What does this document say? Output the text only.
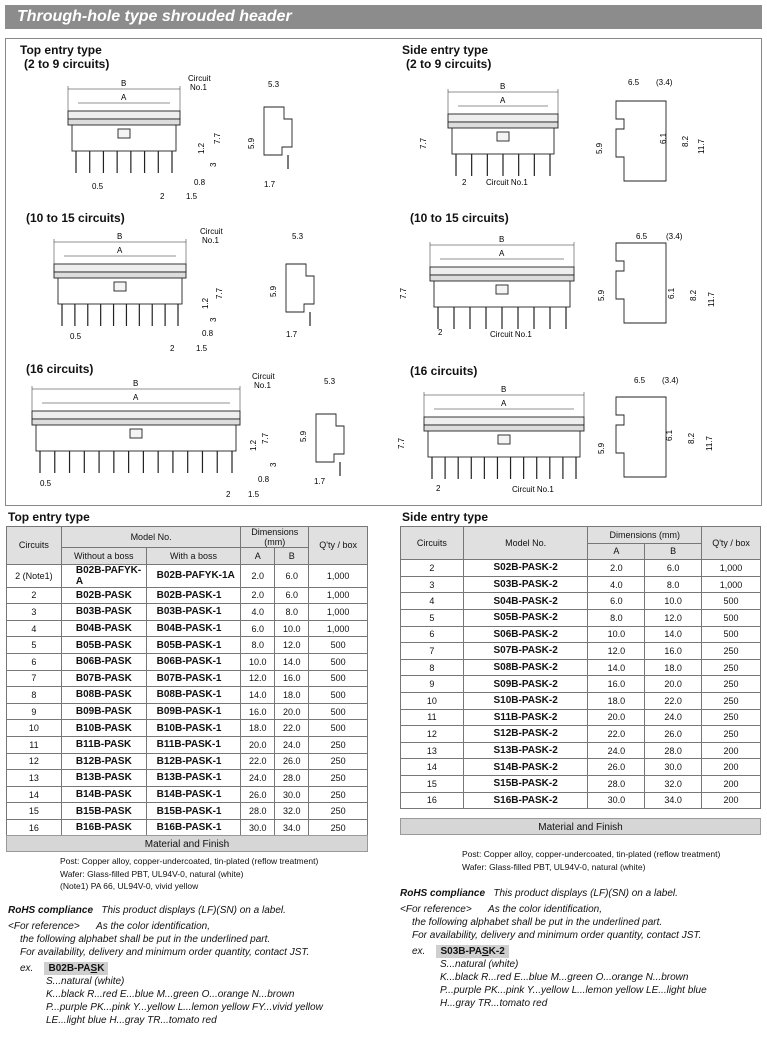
Through-hole type shrouded header
A
B
A
B
A
B
A
B
A
B
A
B
5.3
5.3
5.3
7.7
7.7
7.7
1.2
1.2
1.2
3
3
3
5.9
5.9
5.9
1.7
1.7
1.7
0.5
0.5
0.5
0.8
0.8
0.8
2
2
2
1.5
1.5
1.5
Circuit
Circuit
Circuit
No.1
No.1
No.1
6.5
6.5
6.5
(3.4)
(3.4)
(3.4)
6.1
6.1
6.1
8.2
8.2
8.2
11.7
11.7
11.7
5.9
5.9
5.9
7.7
7.7
7.7
2
2
2
Circuit No.1
Circuit No.1
Circuit No.1
Top entry type
(2 to 9 circuits)
Side entry type
(2 to 9 circuits)
(10 to 15 circuits)	(10 to 15 circuits)
(16 circuits)	(16 circuits)
Top entry type
Circuits	Model No.		Dimensions (mm)		Q'ty / box
	Without a boss	With a boss	A	B	
2 (Note1)	B02B-PAFYK-A	B02B-PAFYK-1A	2.0	6.0	1,000
2	B02B-PASK	B02B-PASK-1	2.0	6.0	1,000
3	B03B-PASK	B03B-PASK-1	4.0	8.0	1,000
4	B04B-PASK	B04B-PASK-1	6.0	10.0	1,000
5	B05B-PASK	B05B-PASK-1	8.0	12.0	500
6	B06B-PASK	B06B-PASK-1	10.0	14.0	500
7	B07B-PASK	B07B-PASK-1	12.0	16.0	500
8	B08B-PASK	B08B-PASK-1	14.0	18.0	500
9	B09B-PASK	B09B-PASK-1	16.0	20.0	500
10	B10B-PASK	B10B-PASK-1	18.0	22.0	500
11	B11B-PASK	B11B-PASK-1	20.0	24.0	250
12	B12B-PASK	B12B-PASK-1	22.0	26.0	250
13	B13B-PASK	B13B-PASK-1	24.0	28.0	250
14	B14B-PASK	B14B-PASK-1	26.0	30.0	250
15	B15B-PASK	B15B-PASK-1	28.0	32.0	250
16	B16B-PASK	B16B-PASK-1	30.0	34.0	250
Material and Finish
Post: Copper alloy, copper-undercoated, tin-plated (reflow treatment)
Wafer: Glass-filled PBT, UL94V-0, natural (white)
(Note1) PA 66, UL94V-0, vivid yellow
RoHS compliance This product displays (LF)(SN) on a label.
<For reference> As the color identification,
the following alphabet shall be put in the underlined part.
For availability, delivery and minimum order quantity, contact JST.
ex. B02B-PASK
S...natural (white)
K...black R...red E...blue M...green O...orange N...brown
P...purple PK...pink Y...yellow L...lemon yellow FY...vivid yellow
LE...light blue H...gray TR...tomato red
Side entry type
Circuits	Model No.	Dimensions (mm)		Q'ty / box
		A	B	
2	S02B-PASK-2	2.0	6.0	1,000
3	S03B-PASK-2	4.0	8.0	1,000
4	S04B-PASK-2	6.0	10.0	500
5	S05B-PASK-2	8.0	12.0	500
6	S06B-PASK-2	10.0	14.0	500
7	S07B-PASK-2	12.0	16.0	250
8	S08B-PASK-2	14.0	18.0	250
9	S09B-PASK-2	16.0	20.0	250
10	S10B-PASK-2	18.0	22.0	250
11	S11B-PASK-2	20.0	24.0	250
12	S12B-PASK-2	22.0	26.0	250
13	S13B-PASK-2	24.0	28.0	200
14	S14B-PASK-2	26.0	30.0	200
15	S15B-PASK-2	28.0	32.0	200
16	S16B-PASK-2	30.0	34.0	200
Material and Finish
Post: Copper alloy, copper-undercoated, tin-plated (reflow treatment)
Wafer: Glass-filled PBT, UL94V-0, natural (white)
RoHS compliance This product displays (LF)(SN) on a label.
<For reference> As the color identification,
the following alphabet shall be put in the underlined part.
For availability, delivery and minimum order quantity, contact JST.
ex. S03B-PASK-2
S...natural (white)
K...black R...red E...blue M...green O...orange N...brown
P...purple PK...pink Y...yellow L...lemon yellow LE...light blue
H...gray TR...tomato red
